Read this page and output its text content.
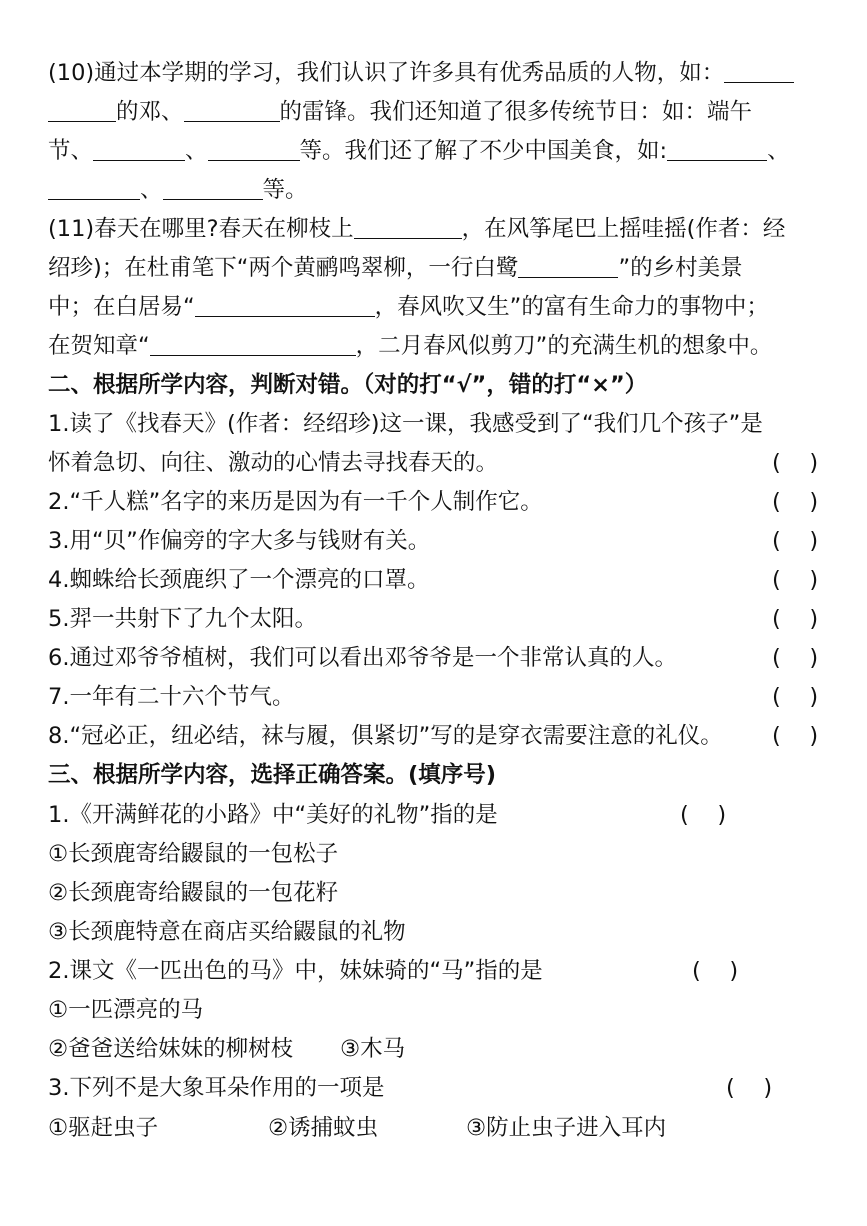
(10)通过本学期的学习，我们认识了许多具有优秀品质的人物，如：
的邓、	的雷锋。我们还知道了很多传统节日：如：端午
节、	、	等。我们还了解了不少中国美食，如:	、
、	等。
(11)春天在哪里?春天在柳枝上	，在风筝尾巴上摇哇摇(作者：经
绍珍)；在杜甫笔下“两个黄鹂鸣翠柳，一行白鹭	”的乡村美景
中；在白居易“	，春风吹又生”的富有生命力的事物中；
在贺知章“	，二月春风似剪刀”的充满生机的想象中。
二、根据所学内容，判断对错。（对的打“√”，错的打“×”）
1.读了《找春天》(作者：经绍珍)这一课，我感受到了“我们几个孩子”是
怀着急切、向往、激动的心情去寻找春天的。	(    )
2.“千人糕”名字的来历是因为有一千个人制作它。	(    )
3.用“贝”作偏旁的字大多与钱财有关。	(    )
4.蜘蛛给长颈鹿织了一个漂亮的口罩。	(    )
5.羿一共射下了九个太阳。	(    )
6.通过邓爷爷植树，我们可以看出邓爷爷是一个非常认真的人。	(    )
7.一年有二十六个节气。	(    )
8.“冠必正，纽必结，袜与履，俱紧切”写的是穿衣需要注意的礼仪。	(    )
三、根据所学内容，选择正确答案。(填序号)
1.《开满鲜花的小路》中“美好的礼物”指的是	(    )
①长颈鹿寄给鼹鼠的一包松子
②长颈鹿寄给鼹鼠的一包花籽
③长颈鹿特意在商店买给鼹鼠的礼物
2.课文《一匹出色的马》中，妹妹骑的“马”指的是	(    )
①一匹漂亮的马
②爸爸送给妹妹的柳树枝 ③木马
3.下列不是大象耳朵作用的一项是	(    )
①驱赶虫子	②诱捕蚊虫	③防止虫子进入耳内
